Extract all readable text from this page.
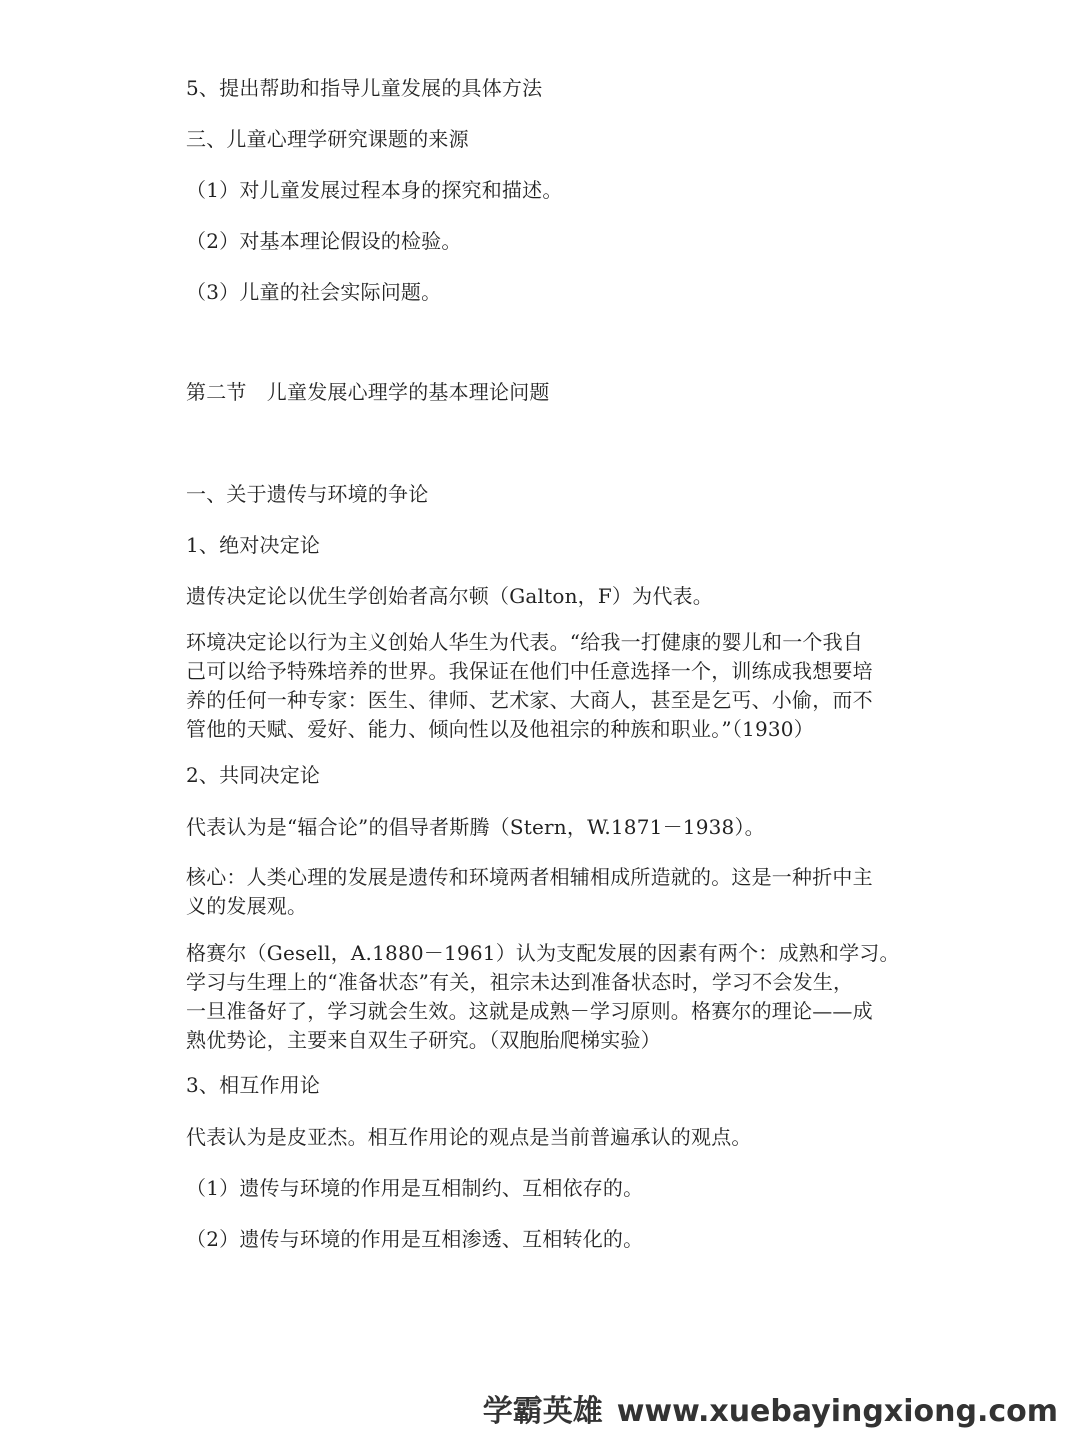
5、提出帮助和指导儿童发展的具体方法
三、儿童心理学研究课题的来源
（1）对儿童发展过程本身的探究和描述。
（2）对基本理论假设的检验。
（3）儿童的社会实际问题。
第二节　儿童发展心理学的基本理论问题
一、关于遗传与环境的争论
1、绝对决定论
遗传决定论以优生学创始者高尔顿（Galton，F）为代表。
环境决定论以行为主义创始人华生为代表。“给我一打健康的婴儿和一个我自
己可以给予特殊培养的世界。我保证在他们中任意选择一个，训练成我想要培
养的任何一种专家：医生、律师、艺术家、大商人，甚至是乞丐、小偷，而不
管他的天赋、爱好、能力、倾向性以及他祖宗的种族和职业。”（1930）
2、共同决定论
代表认为是“辐合论”的倡导者斯腾（Stern，W.1871－1938）。
核心：人类心理的发展是遗传和环境两者相辅相成所造就的。这是一种折中主
义的发展观。
格赛尔（Gesell，A.1880－1961）认为支配发展的因素有两个：成熟和学习。
学习与生理上的“准备状态”有关，祖宗未达到准备状态时，学习不会发生，
一旦准备好了，学习就会生效。这就是成熟－学习原则。格赛尔的理论——成
熟优势论，主要来自双生子研究。（双胞胎爬梯实验）
3、相互作用论
代表认为是皮亚杰。相互作用论的观点是当前普遍承认的观点。
（1）遗传与环境的作用是互相制约、互相依存的。
（2）遗传与环境的作用是互相渗透、互相转化的。
学霸英雄 www.xuebayingxiong.com
